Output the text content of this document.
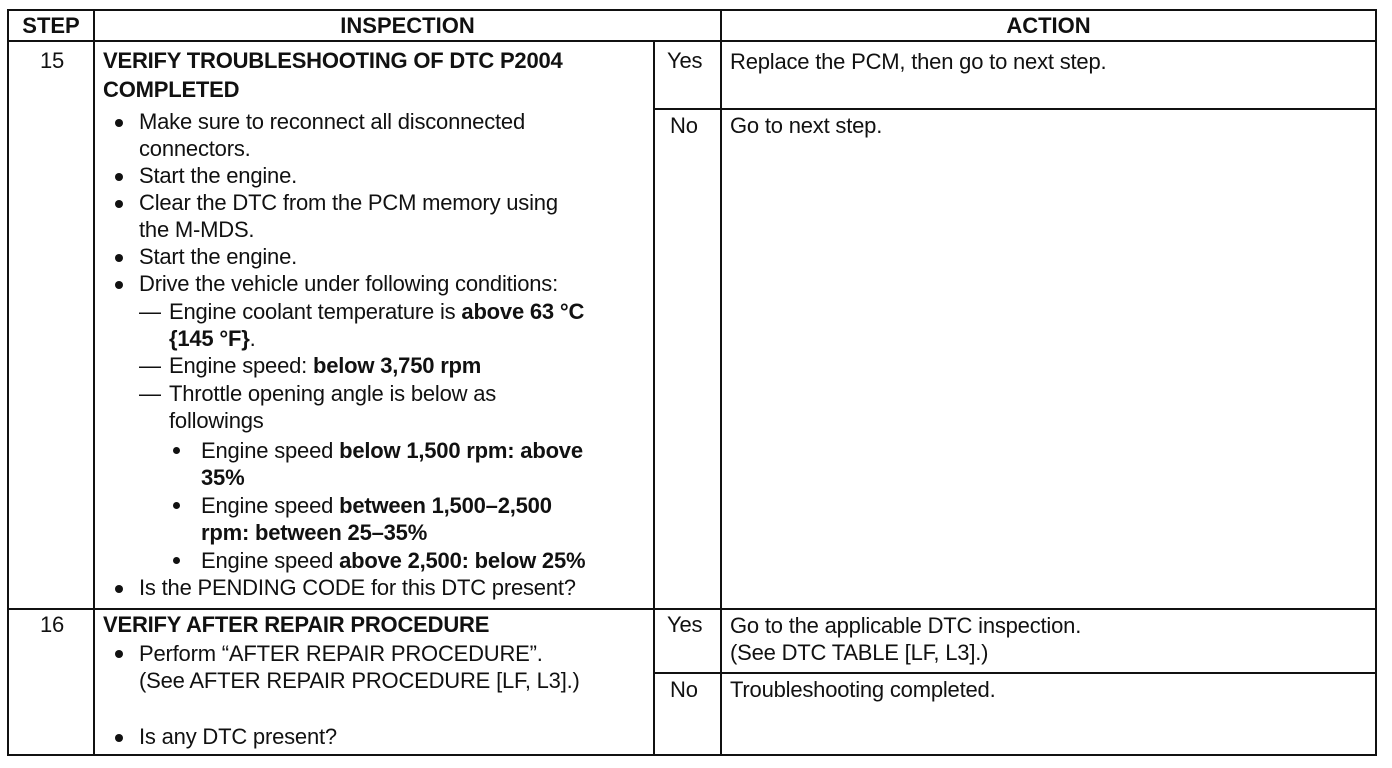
STEP	INSPECTION	ACTION
15 VERIFY TROUBLESHOOTING OF DTC P2004
COMPLETED
Make sure to reconnect all disconnected
connectors.
Start the engine.
Clear the DTC from the PCM memory using
the M-MDS.
Start the engine.
Drive the vehicle under following conditions:
— Engine coolant temperature is above 63 °C
{145 °F}.
— Engine speed: below 3,750 rpm
— Throttle opening angle is below as
followings
Engine speed below 1,500 rpm: above
35%
Engine speed between 1,500–2,500
rpm: between 25–35%
Engine speed above 2,500: below 25%
Is the PENDING CODE for this DTC present?
Yes Replace the PCM, then go to next step.
No Go to next step.
16 VERIFY AFTER REPAIR PROCEDURE
Perform “AFTER REPAIR PROCEDURE”.
(See AFTER REPAIR PROCEDURE [LF, L3].)
Is any DTC present?
Yes Go to the applicable DTC inspection.
(See DTC TABLE [LF, L3].)
No Troubleshooting completed.
